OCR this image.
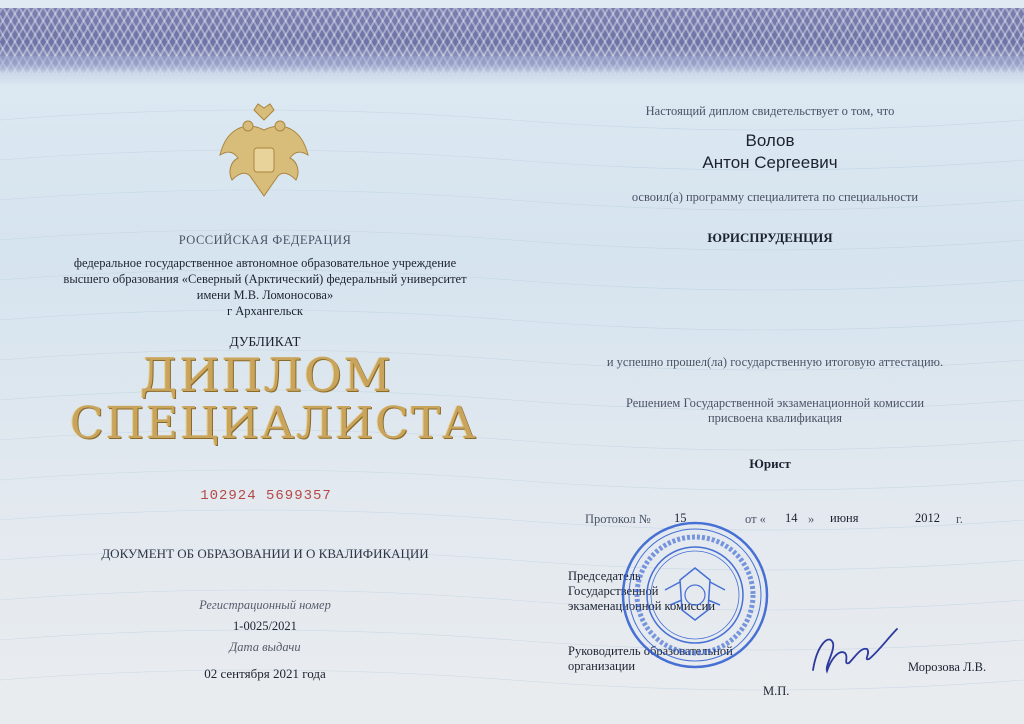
РОССИЙСКАЯ ФЕДЕРАЦИЯ
федеральное государственное автономное образовательное учреждение
высшего образования «Северный (Арктический) федеральный университет
имени М.В. Ломоносова»
г Архангельск
ДУБЛИКАТ
ДИПЛОМ
СПЕЦИАЛИСТА
102924 5699357
ДОКУМЕНТ ОБ ОБРАЗОВАНИИ И О КВАЛИФИКАЦИИ
Регистрационный номер
1-0025/2021
Дата выдачи
02 сентября 2021 года
Настоящий диплом свидетельствует о том, что
Волов
Антон Сергеевич
освоил(а) программу специалитета по специальности
ЮРИСПРУДЕНЦИЯ
и успешно прошел(ла) государственную итоговую аттестацию.
Решением Государственной экзаменационной комиссии
присвоена квалификация
Юрист
Протокол № 15	от « 14 » июня	2012 г.
Председатель
Государственной
экзаменационной комиссии
Руководитель образовательной
организации	Морозова Л.В.
М.П.
